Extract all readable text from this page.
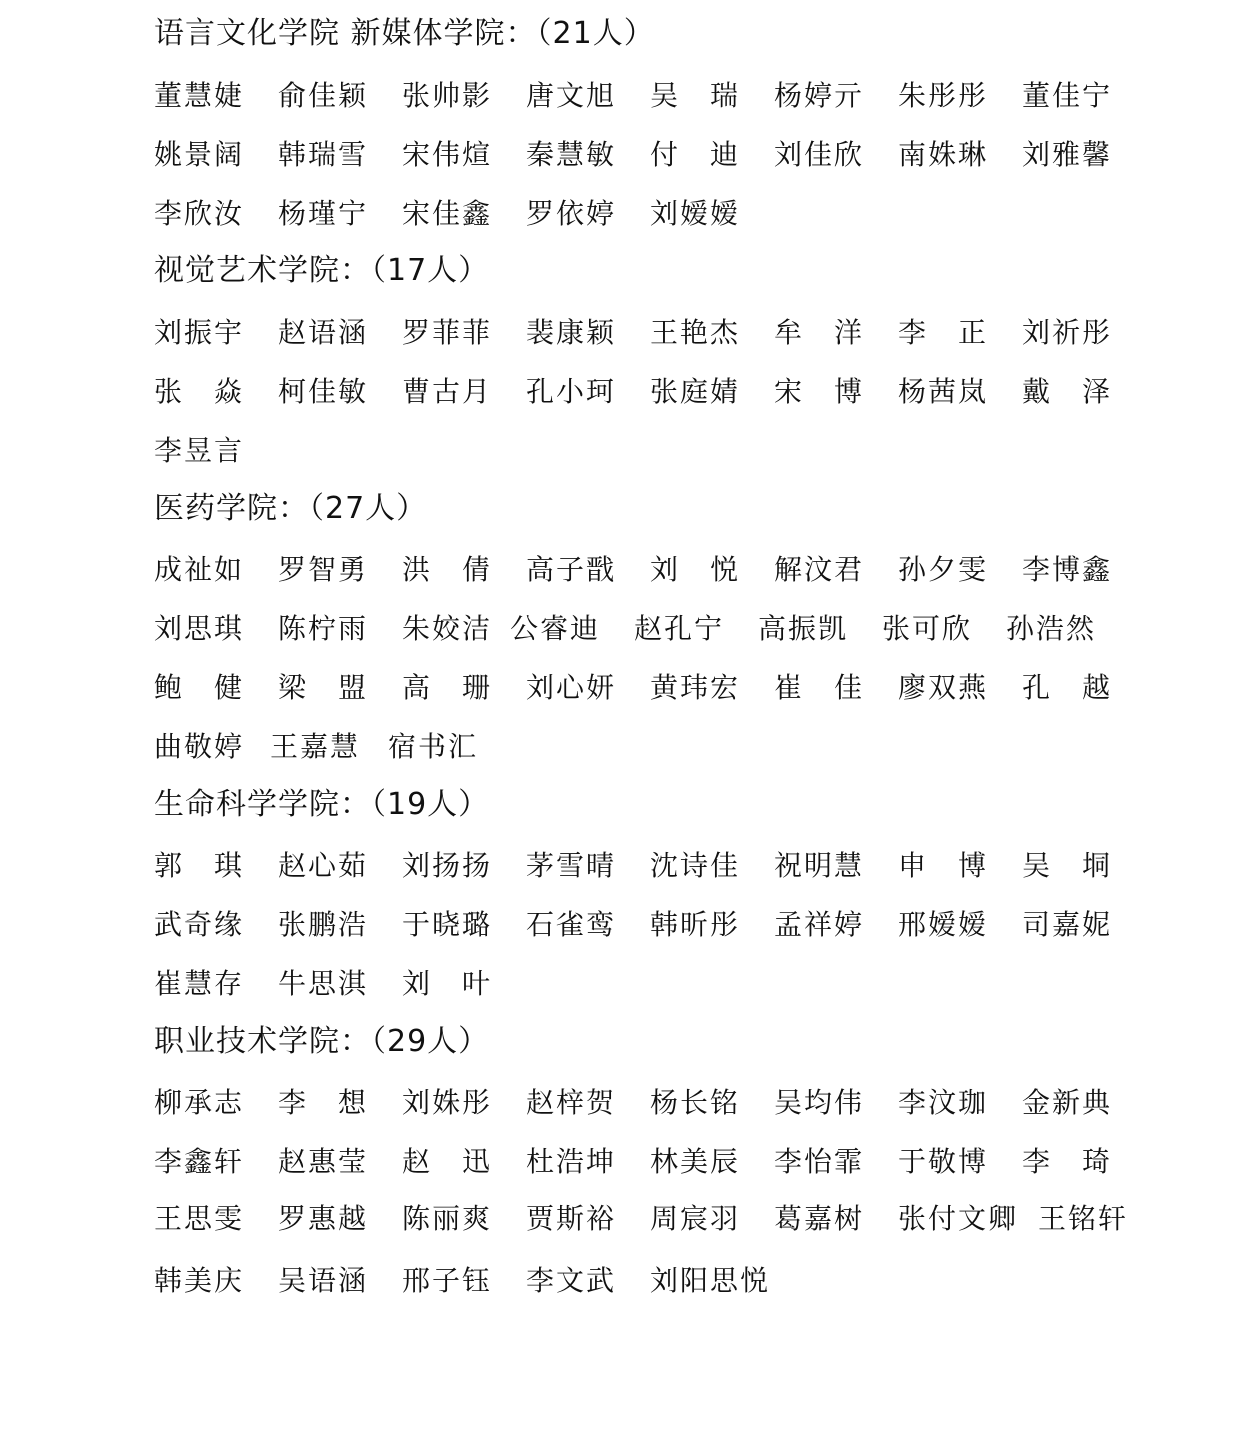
语言文化学院 新媒体学院：（21人）
董慧婕 俞佳颖 张帅影 唐文旭 吴　瑞 杨婷亓 朱彤彤 董佳宁
姚景阔 韩瑞雪 宋伟煊 秦慧敏 付　迪 刘佳欣 南姝琳 刘雅馨
李欣汝 杨瑾宁 宋佳鑫 罗依婷 刘嫒嫒
视觉艺术学院：（17人）
刘振宇 赵语涵 罗菲菲 裴康颖 王艳杰 牟　洋 李　正 刘祈彤
张　焱 柯佳敏 曹古月 孔小珂 张庭婧 宋　博 杨茜岚 戴　泽
李昱言
医药学院：（27人）
成祉如 罗智勇 洪　倩 高子戬 刘　悦 解汶君 孙夕雯 李博鑫
刘思琪 陈柠雨 朱姣洁 公睿迪 赵孔宁 高振凯 张可欣 孙浩然
鲍　健 梁　盟 高　珊 刘心妍 黄玮宏 崔　佳 廖双燕 孔　越
曲敬婷 王嘉慧 宿书汇
生命科学学院：（19人）
郭　琪 赵心茹 刘扬扬 茅雪晴 沈诗佳 祝明慧 申　博 吴　垌
武奇缘 张鹏浩 于晓璐 石雀鸾 韩昕彤 孟祥婷 邢嫒嫒 司嘉妮
崔慧存 牛思淇 刘　叶
职业技术学院：（29人）
柳承志 李　想 刘姝彤 赵梓贺 杨长铭 吴均伟 李汶珈 金新典
李鑫轩 赵惠莹 赵　迅 杜浩坤 林美辰 李怡霏 于敬博 李　琦
王思雯 罗惠越 陈丽爽 贾斯裕 周宸羽 葛嘉树 张付文卿 王铭轩
韩美庆 吴语涵 邢子钰 李文武 刘阳思悦
